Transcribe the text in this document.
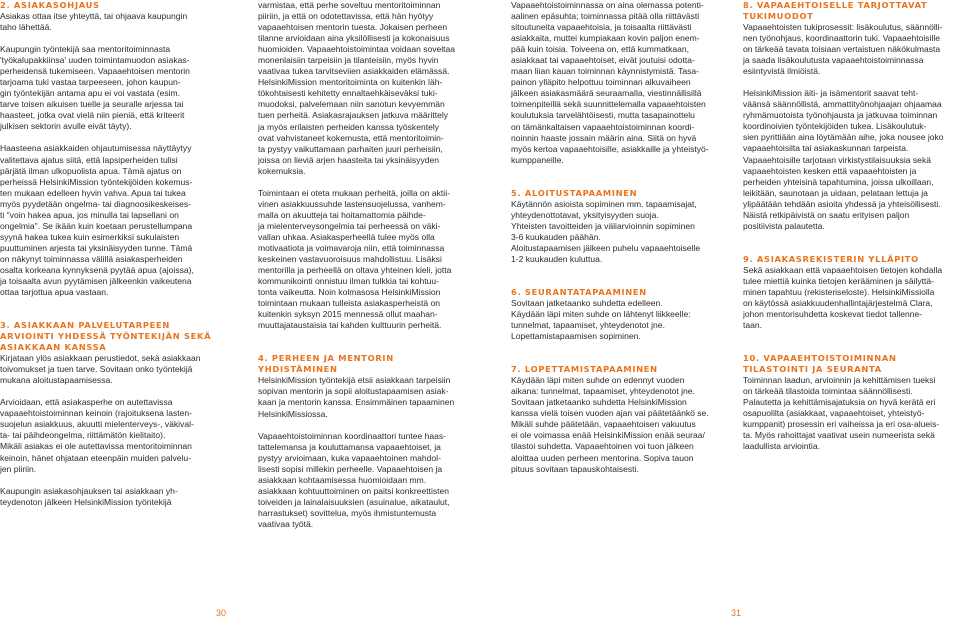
2. ASIAKASOHJAUS

Asiakas ottaa itse yhteyttä, tai ohjaava kaupungin
taho lähettää.

Kaupungin työntekijä saa mentoritoiminnasta
'työkalupakkiinsa' uuden toimintamuodon asiakas-
perheidensä tukemiseen. Vapaaehtoisen mentorin
tarjoama tuki vastaa tarpeeseen, johon kaupun-
gin työntekijän antama apu ei voi vastata (esim.
tarve toisen aikuisen tuelle ja seuralle arjessa tai
haasteet, jotka ovat vielä niin pieniä, että kriteerit
julkisen sektorin avulle eivät täyty).

Haasteena asiakkaiden ohjautumisessa näyttäytyy
valitettava ajatus siitä, että lapsiperheiden tulisi
pärjätä ilman ulkopuolista apua. Tämä ajatus on
perheissä HelsinkiMission työntekijöiden kokemus-
ten mukaan edelleen hyvin vahva. Apua tai tukea
myös pyydetään ongelma- tai diagnoosikeskeises-
ti "voin hakea apua, jos minulla tai lapsellani on
ongelmia". Se ikään kuin koetaan perustellumpana
syynä hakea tukea kuin esimerkiksi sukulaisten
puuttuminen arjesta tai yksinäisyyden tunne. Tämä
on näkynyt toiminnassa välillä asiakasperheiden
osalta korkeana kynnyksenä pyytää apua (ajoissa),
ja toisaalta avun pyytämisen jälkeenkin vaikeutena
ottaa tarjottua apua vastaan.

3. ASIAKKAAN PALVELUTARPEEN ARVIOINTI YHDESSÄ TYÖNTEKIJÄN SEKÄ ASIAKKAAN KANSSA

Kirjataan ylös asiakkaan perustiedot, sekä asiakkaan
toivomukset ja tuen tarve. Sovitaan onko työntekijä
mukana aloitustapaamisessa.

Arvioidaan, että asiakasperhe on autettavissa
vapaaehtoistoiminnan keinoin (rajoituksena lasten-
suojelun asiakkuus, akuutti mielenterveys-, väkival-
ta- tai päihdeongelma, riittämätön kielitaito).
Mikäli asiakas ei ole autettavissa mentoritoiminnan
keinoin, hänet ohjataan eteenpäin muiden palvelu-
jen piiriin.

Kaupungin asiakasohjauksen tai asiakkaan yh-
teydenoton jälkeen HelsinkiMission työntekijä

varmistaa, että perhe soveltuu mentoritoiminnan
piiriin, ja että on odotettavissa, että hän hyötyy
vapaaehtoisen mentorin tuesta. Jokaisen perheen
tilanne arvioidaan aina yksilöllisesti ja kokonaisuus
huomioiden. Vapaaehtoistoimintaa voidaan soveltaa
monenlaisiin tarpeisiin ja tilanteisiin, myös hyvin
vaativaa tukea tarvitseviien asiakkaiden elämässä.
HelsinkiMission mentoritoiminta on kuitenkin läh-
tökohtaisesti kehitetty ennaltaehkäiseväksi tuki-
muodoksi, palvelemaan niin sanotun kevyemmän
tuen perheitä. Asiakasrajauksen jatkuva määrittely
ja myös erilaisten perheiden kanssa työskentely
ovat vahvistaneet kokemusta, että mentoritoimin-
ta pystyy vaikuttamaan parhaiten juuri perheisiin,
joissa on lieviä arjen haasteita tai yksinäisyyden
kokemuksia.

Toimintaan ei oteta mukaan perheitä, joilla on aktii-
vinen asiakkuussuhde lastensuojelussa, vanhem-
malla on akuutteja tai hoitamattomia päihde-
ja mielenterveysongelmia tai perheessä on väki-
vallan uhkaa. Asiakasperheellä tulee myös olla
motivaatiota ja voimavaroja niin, että toiminnassa
keskeinen vastavuoroisuus mahdollistuu. Lisäksi
mentorilla ja perheellä on oltava yhteinen kieli, jotta
kommunikointi onnistuu ilman tulkkia tai kohtuu-
tonta vaikeutta. Noin kolmasosa HelsinkiMission
toimintaan mukaan tulleista asiakasperheistä on
kuitenkin syksyn 2015 mennessä ollut maahan-
muuttajataustaisia tai kahden kulttuurin perheitä.

4. PERHEEN JA MENTORIN YHDISTÄMINEN

HelsinkiMission työntekijä etsii asiakkaan tarpeisiin
sopivan mentorin ja sopii aloitustapaamisen asiak-
kaan ja mentorin kanssa. Ensimmäinen tapaaminen
HelsinkiMissiossa.

Vapaaehtoistoiminnan koordinaattori tuntee haas-
tattelemansa ja kouluttamansa vapaaehtoiset, ja
pystyy arvioimaan, kuka vapaaehtoinen mahdol-
lisesti sopisi millekin perheelle. Vapaaehtoisen ja
asiakkaan kohtaamisessa huomioidaan mm.
asiakkaan kohtuuttoiminen on paitsi konkreettisten
toiveiden ja lainalaisuuksien (asuinalue, aikataulut,
harrastukset) sovittelua, myös ihmistuntemusta
vaativaa työtä.

Vapaaehtoistoiminnassa on aina olemassa potenti-
aalinen epäsuhta; toiminnassa pitää olla riittävästi
sitoutuneita vapaaehtoisia, ja toisaalta riittävästi
asiakkaita, muttei kumpiakaan kovin paljon enem-
pää kuin toisia. Toiveena on, että kummatkaan,
asiakkaat tai vapaaehtoiset, eivät joutuisi odotta-
maan liian kauan toiminnan käynnistymistä. Tasa-
painon ylläpito helpottuu toiminnan alkuvaiheen
jälkeen asiakasmäärä seuraamalla, viestinnällisillä
toimenpiteillä sekä suunnittelemalla vapaaehtoisten
koulutuksia tarvelähtöisesti, mutta tasapainottelu
on tämänkaltaisen vapaaehtoistoiminnan koordi-
noinnin haaste jossain määrin aina. Siitä on hyvä
myös kertoa vapaaehtoisille, asiakkaille ja yhteistyö-
kumppaneille.

5. ALOITUSTAPAAMINEN

Käytännön asioista sopiminen mm. tapaamisajat,
yhteydenottotavat, yksityisyyden suoja.
Yhteisten tavoitteiden ja väliarvioinnin sopiminen
3-6 kuukauden päähän.
Aloitustapaamisen jälkeen puhelu vapaaehtoiselle
1-2 kuukauden kuluttua.

6. SEURANTATAPAAMINEN

Sovitaan jatketaanko suhdetta edelleen.
Käydään läpi miten suhde on lähtenyt liikkeelle:
tunnelmat, tapaamiset, yhteydenotot jne.
Lopettamistapaamisen sopiminen.

7. LOPETTAMISTAPAAMINEN

Käydään läpi miten suhde on edennyt vuoden
aikana: tunnelmat, tapaamiset, yhteydenotot jne.
Sovitaan jatketaanko suhdetta HelsinkiMission
kanssa vielä toisen vuoden ajan vai päätetäänkö se.
Mikäli suhde päätetään, vapaaehtoisen vakuutus
ei ole voimassa enää HelsinkiMission enää seuraa/
tilastoi suhdetta. Vapaaehtoinen voi tuon jälkeen
aloittaa uuden perheen mentorina. Sopiva tauon
pituus sovitaan tapauskohtaisesti.

8. VAPAAEHTOISELLE TARJOTTAVAT TUKIMUODOT

Vapaaehtoisten tukiprosessit: lisäkoulutus, säännölli-
nen työnohjaus, koordinaattorin tuki. Vapaaehtoisille
on tärkeää tavata toisiaan vertaistuen näkökulmasta
ja saada lisäkoulutusta vapaaehtoistoiminnassa
esiintyvistä ilmiöistä.

HelsinkiMission äiti- ja isämentorit saavat teht-
väänsä säännöllistä, ammattityönohjaajan ohjaamaa
ryhmämuotoista työnohjausta ja jatkuvaa toiminnan
koordinoivien työntekijöiden tukea. Lisäkoulutuk-
sien pyrittiään aina löytämään aihe, joka nousee joko
vapaaehtoisilta tai asiakaskunnan tarpeista.
Vapaaehtoisille tarjotaan virkistystilaisuuksia sekä
vapaaehtoisten kesken että vapaaehtoisten ja
perheiden yhteisinä tapahtumina, joissa ulkoillaan,
leikitään, saunotaan ja uidaan, pelataan lettuja ja
ylipäätään tehdään asioita yhdessä ja yhteisöllisesti.
Näistä retkipäivistä on saatu erityisen paljon
positiivista palautetta.

9. ASIAKASREKISTERIN YLLÄPITO

Sekä asiakkaan että vapaaehtoisen tietojen kohdalla
tulee miettiä kuinka tietojen kerääminen ja säilyttä-
minen tapahtuu (rekisteriseloste). HelsinkiMissiolla
on käytössä asiakkuudenhallintajärjestelmä Clara,
johon mentorisuhdetta koskevat tiedot tallenne-
taan.

10. VAPAAEHTOISTOIMINNAN TILASTOINTI JA SEURANTA

Toiminnan laadun, arvioinnin ja kehittämisen tueksi
on tärkeää tilastoida toimintaa säännöllisesti.
Palautetta ja kehittämisajatuksia on hyvä kerätä eri
osapuolilta (asiakkaat, vapaaehtoiset, yhteistyö-
kumppanit) prosessin eri vaiheissa ja eri osa-alueis-
ta. Myös rahoittajat vaativat usein numeerista sekä
laadullista arviointia.

30	31
